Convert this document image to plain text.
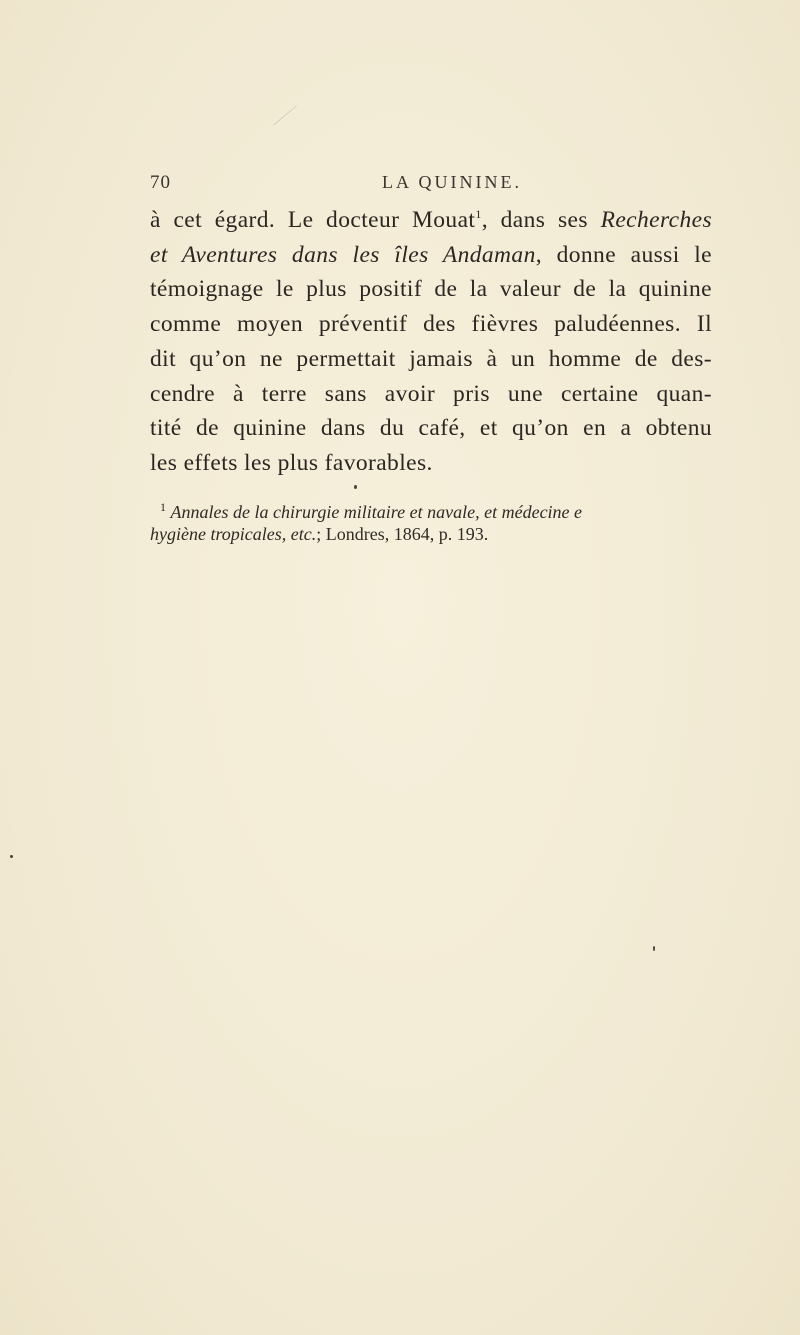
70	LA QUININE.
à cet égard. Le docteur Mouat$^1$, dans ses Recherches
et Aventures dans les îles Andaman, donne aussi le
témoignage le plus positif de la valeur de la quinine
comme moyen préventif des fièvres paludéennes. Il
dit qu’on ne permettait jamais à un homme de des-
cendre à terre sans avoir pris une certaine quan-
tité de quinine dans du café, et qu’on en a obtenu
les effets les plus favorables.
$^1$ Annales de la chirurgie militaire et navale, et médecine e
hygiène tropicales, etc.; Londres, 1864, p. 193.
